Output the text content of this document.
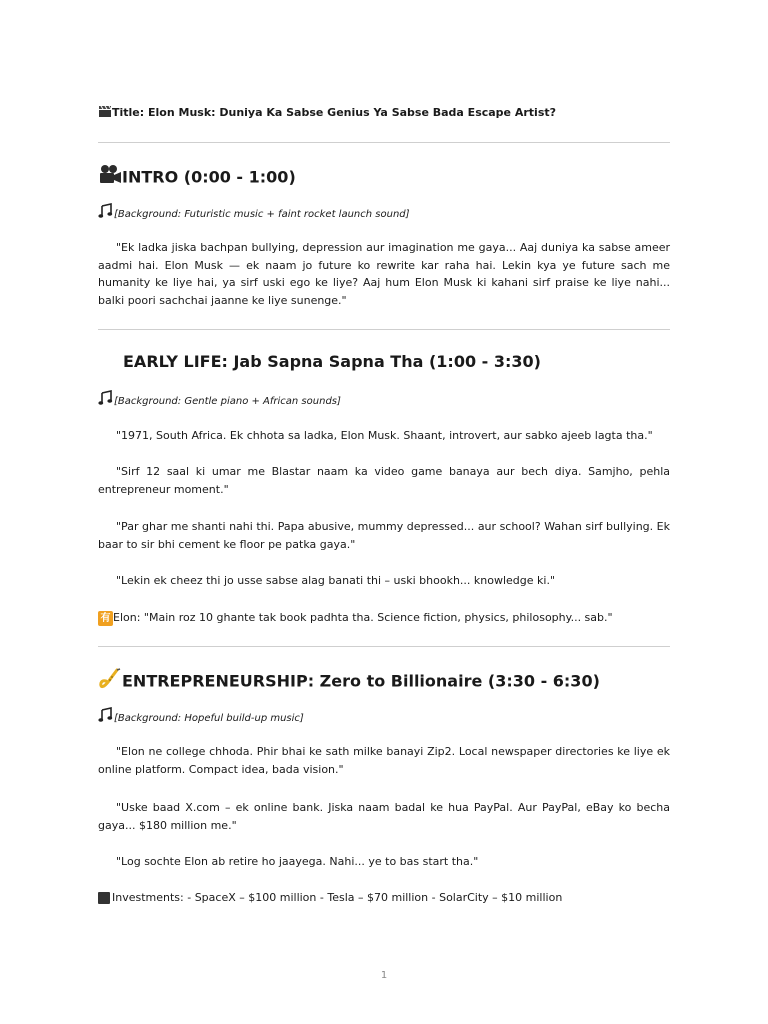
Title: Elon Musk: Duniya Ka Sabse Genius Ya Sabse Bada Escape Artist?
INTRO (0:00 - 1:00)
[Background: Futuristic music + faint rocket launch sound]
"Ek ladka jiska bachpan bullying, depression aur imagination me gaya... Aaj duniya ka sabse ameer aadmi hai. Elon Musk — ek naam jo future ko rewrite kar raha hai. Lekin kya ye future sach me humanity ke liye hai, ya sirf uski ego ke liye? Aaj hum Elon Musk ki kahani sirf praise ke liye nahi... balki poori sachchai jaanne ke liye sunenge."
EARLY LIFE: Jab Sapna Sapna Tha (1:00 - 3:30)
[Background: Gentle piano + African sounds]
"1971, South Africa. Ek chhota sa ladka, Elon Musk. Shaant, introvert, aur sabko ajeeb lagta tha."
"Sirf 12 saal ki umar me Blastar naam ka video game banaya aur bech diya. Samjho, pehla entrepreneur moment."
"Par ghar me shanti nahi thi. Papa abusive, mummy depressed... aur school? Wahan sirf bullying. Ek baar to sir bhi cement ke floor pe patka gaya."
"Lekin ek cheez thi jo usse sabse alag banati thi – uski bhookh... knowledge ki."
有 Elon: "Main roz 10 ghante tak book padhta tha. Science fiction, physics, philosophy... sab."
ENTREPRENEURSHIP: Zero to Billionaire (3:30 - 6:30)
[Background: Hopeful build-up music]
"Elon ne college chhoda. Phir bhai ke sath milke banayi Zip2. Local newspaper directories ke liye ek online platform. Compact idea, bada vision."
"Uske baad X.com – ek online bank. Jiska naam badal ke hua PayPal. Aur PayPal, eBay ko becha gaya... $180 million me."
"Log sochte Elon ab retire ho jaayega. Nahi... ye to bas start tha."
Investments: - SpaceX – $100 million - Tesla – $70 million - SolarCity – $10 million
1
